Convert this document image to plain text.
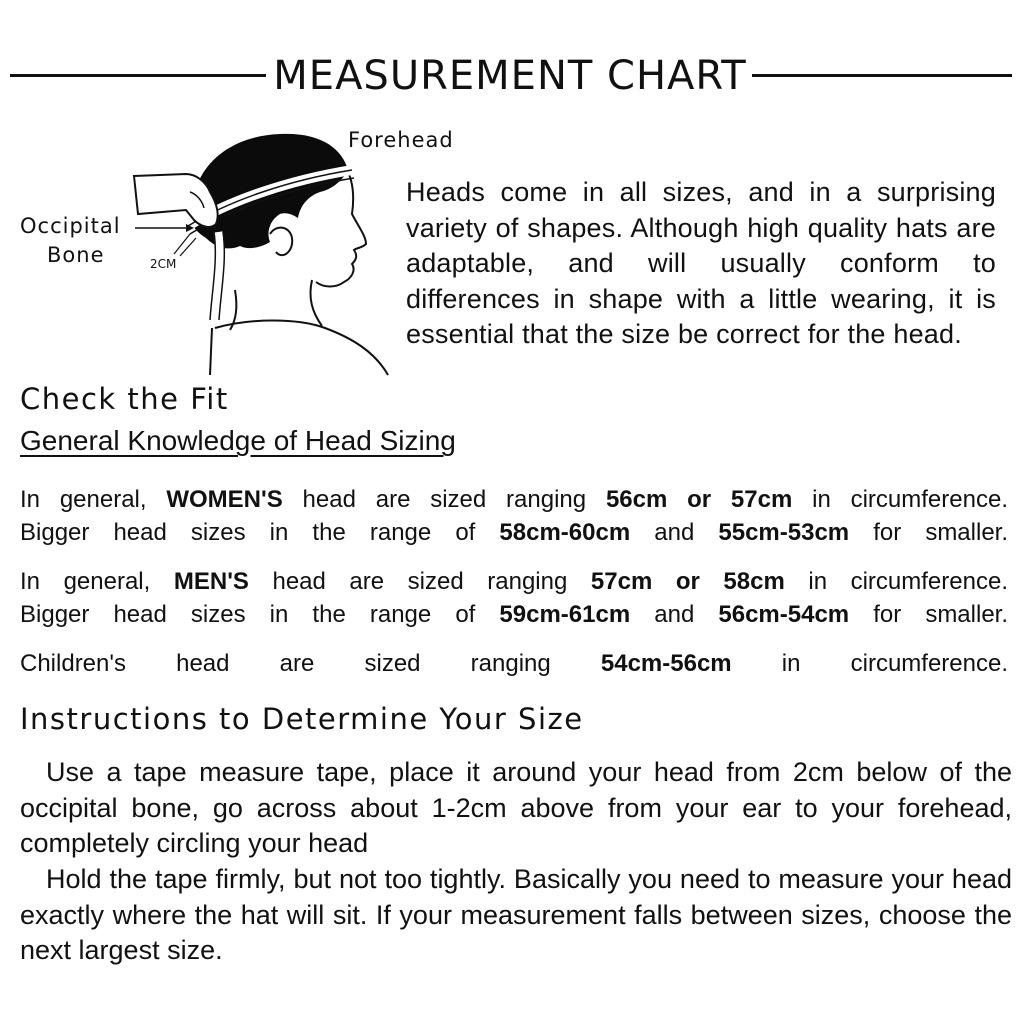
MEASUREMENT CHART
Forehead
Occipital
Bone	2CM

Heads come in all sizes, and in a surprising variety of shapes. Although high quality hats are adaptable, and will usually conform to differences in shape with a little wearing, it is essential that the size be correct for the head.

Check the Fit
General Knowledge of Head Sizing

In general, WOMEN'S head are sized ranging 56cm or 57cm in circumference.

Bigger head sizes in the range of 58cm-60cm and 55cm-53cm for smaller.

In general, MEN'S head are sized ranging 57cm or 58cm in circumference.

Bigger head sizes in the range of 59cm-61cm and 56cm-54cm for smaller.

Children's head are sized ranging 54cm-56cm in circumference.

Instructions to Determine Your Size

Use a tape measure tape, place it around your head from 2cm below of the occipital bone, go across about 1-2cm above from your ear to your forehead, completely circling your head

Hold the tape firmly, but not too tightly. Basically you need to measure your head exactly where the hat will sit. If your measurement falls between sizes, choose the next largest size.
